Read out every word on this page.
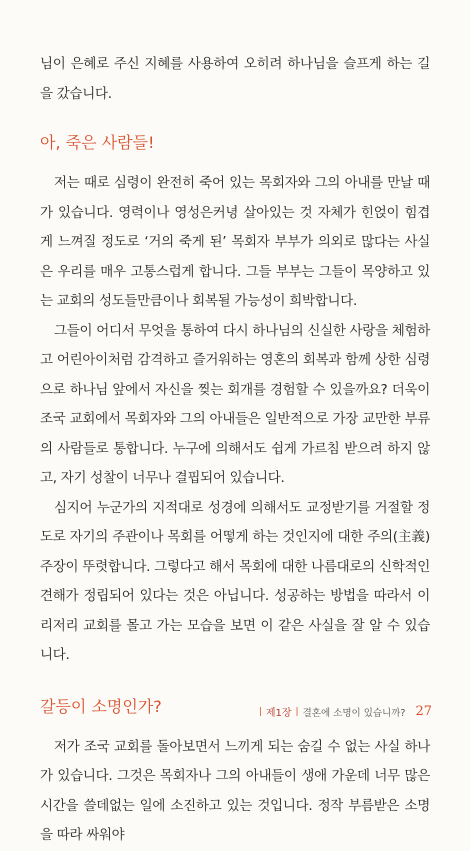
님이 은혜로 주신 지혜를 사용하여 오히려 하나님을 슬프게 하는 길을 갔습니다.

아, 죽은 사람들!

저는 때로 심령이 완전히 죽어 있는 목회자와 그의 아내를 만날 때가 있습니다. 영력이나 영성은커녕 살아있는 것 자체가 힌얹이 힘겹게 느껴질 정도로 ‘거의 죽게 된’ 목회자 부부가 의외로 많다는 사실은 우리를 매우 고통스럽게 합니다. 그들 부부는 그들이 목양하고 있는 교회의 성도들만큼이나 회복될 가능성이 희박합니다.

그들이 어디서 무엇을 통하여 다시 하나님의 신실한 사랑을 체험하고 어린아이처럼 감격하고 즐거워하는 영혼의 회복과 함께 상한 심령으로 하나님 앞에서 자신을 찢는 회개를 경험할 수 있을까요? 더욱이 조국 교회에서 목회자와 그의 아내들은 일반적으로 가장 교만한 부류의 사람들로 통합니다. 누구에 의해서도 쉽게 가르침 받으려 하지 않고, 자기 성찰이 너무나 결핍되어 있습니다.

심지어 누군가의 지적대로 성경에 의해서도 교정받기를 거절할 정도로 자기의 주관이나 목회를 어떻게 하는 것인지에 대한 주의(主義)주장이 뚜렷합니다. 그렇다고 해서 목회에 대한 나름대로의 신학적인 견해가 정립되어 있다는 것은 아닙니다. 성공하는 방법을 따라서 이리저리 교회를 몰고 가는 모습을 보면 이 같은 사실을 잘 알 수 있습니다.

갈등이 소명인가?

저가 조국 교회를 돌아보면서 느끼게 되는 숨길 수 없는 사실 하나가 있습니다. 그것은 목회자나 그의 아내들이 생애 가운데 너무 많은 시간을 쓸데없는 일에 소진하고 있는 것입니다. 정작 부름받은 소명을 따라 싸워야

| 제1장 | 결혼에 소명이 있습니까? 27
